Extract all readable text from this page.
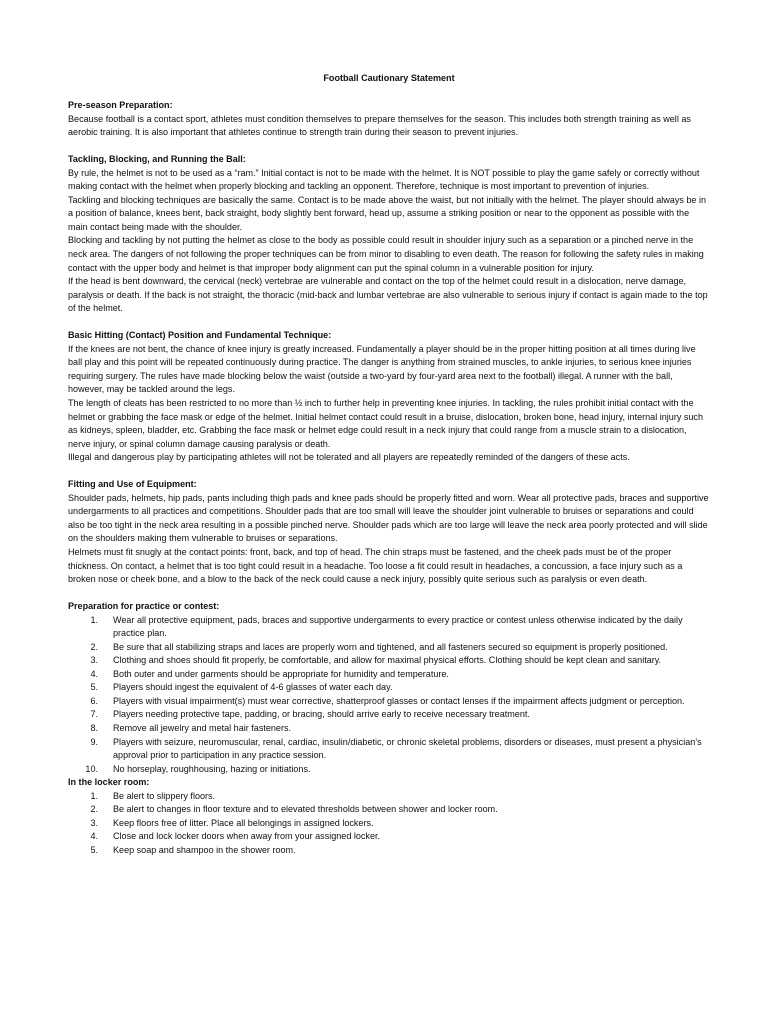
Football Cautionary Statement

Pre-season Preparation:

Because football is a contact sport, athletes must condition themselves to prepare themselves for the season. This includes both strength training as well as aerobic training. It is also important that athletes continue to strength train during their season to prevent injuries.

Tackling, Blocking, and Running the Ball:

By rule, the helmet is not to be used as a “ram.” Initial contact is not to be made with the helmet. It is NOT possible to play the game safely or correctly without making contact with the helmet when properly blocking and tackling an opponent. Therefore, technique is most important to prevention of injuries.

Tackling and blocking techniques are basically the same. Contact is to be made above the waist, but not initially with the helmet. The player should always be in a position of balance, knees bent, back straight, body slightly bent forward, head up, assume a striking position or near to the opponent as possible with the main contact being made with the shoulder.

Blocking and tackling by not putting the helmet as close to the body as possible could result in shoulder injury such as a separation or a pinched nerve in the neck area. The dangers of not following the proper techniques can be from minor to disabling to even death. The reason for following the safety rules in making contact with the upper body and helmet is that improper body alignment can put the spinal column in a vulnerable position for injury.

If the head is bent downward, the cervical (neck) vertebrae are vulnerable and contact on the top of the helmet could result in a dislocation, nerve damage, paralysis or death. If the back is not straight, the thoracic (mid-back and lumbar vertebrae are also vulnerable to serious injury if contact is again made to the top of the helmet.

Basic Hitting (Contact) Position and Fundamental Technique:

If the knees are not bent, the chance of knee injury is greatly increased. Fundamentally a player should be in the proper hitting position at all times during live ball play and this point will be repeated continuously during practice. The danger is anything from strained muscles, to ankle injuries, to serious knee injuries requiring surgery. The rules have made blocking below the waist (outside a two-yard by four-yard area next to the football) illegal. A runner with the ball, however, may be tackled around the legs.

The length of cleats has been restricted to no more than ½ inch to further help in preventing knee injuries. In tackling, the rules prohibit initial contact with the helmet or grabbing the face mask or edge of the helmet. Initial helmet contact could result in a bruise, dislocation, broken bone, head injury, internal injury such as kidneys, spleen, bladder, etc. Grabbing the face mask or helmet edge could result in a neck injury that could range from a muscle strain to a dislocation, nerve injury, or spinal column damage causing paralysis or death.

Illegal and dangerous play by participating athletes will not be tolerated and all players are repeatedly reminded of the dangers of these acts.

Fitting and Use of Equipment:

Shoulder pads, helmets, hip pads, pants including thigh pads and knee pads should be properly fitted and worn. Wear all protective pads, braces and supportive undergarments to all practices and competitions. Shoulder pads that are too small will leave the shoulder joint vulnerable to bruises or separations and could also be too tight in the neck area resulting in a possible pinched nerve. Shoulder pads which are too large will leave the neck area poorly protected and will slide on the shoulders making them vulnerable to bruises or separations.

Helmets must fit snugly at the contact points: front, back, and top of head. The chin straps must be fastened, and the cheek pads must be of the proper thickness. On contact, a helmet that is too tight could result in a headache. Too loose a fit could result in headaches, a concussion, a face injury such as a broken nose or cheek bone, and a blow to the back of the neck could cause a neck injury, possibly quite serious such as paralysis or even death.

Preparation for practice or contest:

1. Wear all protective equipment, pads, braces and supportive undergarments to every practice or contest unless otherwise indicated by the daily practice plan.
2. Be sure that all stabilizing straps and laces are properly worn and tightened, and all fasteners secured so equipment is properly positioned.
3. Clothing and shoes should fit properly, be comfortable, and allow for maximal physical efforts. Clothing should be kept clean and sanitary.
4. Both outer and under garments should be appropriate for humidity and temperature.
5. Players should ingest the equivalent of 4-6 glasses of water each day.
6. Players with visual impairment(s) must wear corrective, shatterproof glasses or contact lenses if the impairment affects judgment or perception.
7. Players needing protective tape, padding, or bracing, should arrive early to receive necessary treatment.
8. Remove all jewelry and metal hair fasteners.
9. Players with seizure, neuromuscular, renal, cardiac, insulin/diabetic, or chronic skeletal problems, disorders or diseases, must present a physician’s approval prior to participation in any practice session.
10. No horseplay, roughhousing, hazing or initiations.

In the locker room:

1. Be alert to slippery floors.
2. Be alert to changes in floor texture and to elevated thresholds between shower and locker room.
3. Keep floors free of litter. Place all belongings in assigned lockers.
4. Close and lock locker doors when away from your assigned locker.
5. Keep soap and shampoo in the shower room.
